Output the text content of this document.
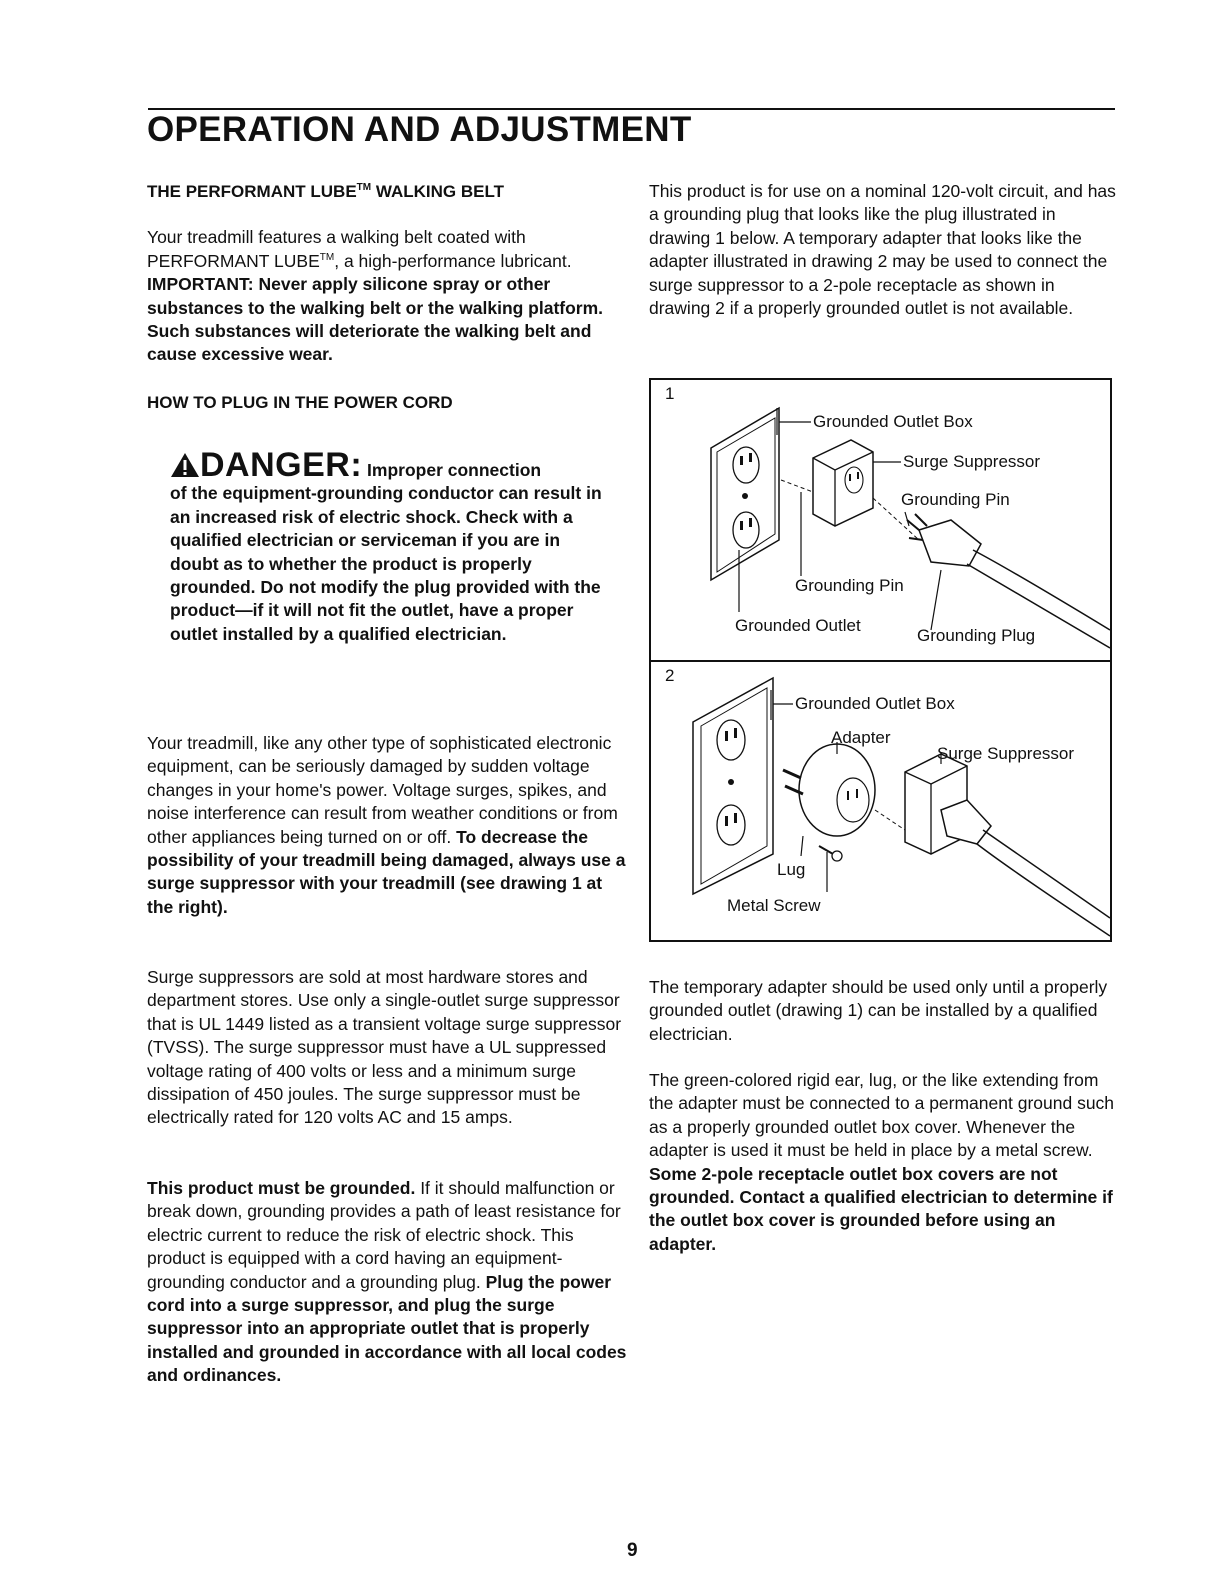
OPERATION AND ADJUSTMENT

THE PERFORMANT LUBE™ WALKING BELT

Your treadmill features a walking belt coated with PERFORMANT LUBE™, a high-performance lubricant.

IMPORTANT: Never apply silicone spray or other substances to the walking belt or the walking platform. Such substances will deteriorate the walking belt and cause excessive wear.

HOW TO PLUG IN THE POWER CORD

DANGER: Improper connection

of the equipment-grounding conductor can result in an increased risk of electric shock. Check with a qualified electrician or serviceman if you are in doubt as to whether the product is properly grounded. Do not modify the plug provided with the product—if it will not fit the outlet, have a proper outlet installed by a qualified electrician.

Your treadmill, like any other type of sophisticated electronic equipment, can be seriously damaged by sudden voltage changes in your home's power. Voltage surges, spikes, and noise interference can result from weather conditions or from other appliances being turned on or off. To decrease the possibility of your treadmill being damaged, always use a surge suppressor with your treadmill (see drawing 1 at the right).

Surge suppressors are sold at most hardware stores and department stores. Use only a single-outlet surge suppressor that is UL 1449 listed as a transient voltage surge suppressor (TVSS). The surge suppressor must have a UL suppressed voltage rating of 400 volts or less and a minimum surge dissipation of 450 joules. The surge suppressor must be electrically rated for 120 volts AC and 15 amps.

This product must be grounded. If it should malfunction or break down, grounding provides a path of least resistance for electric current to reduce the risk of electric shock. This product is equipped with a cord having an equipment-grounding conductor and a grounding plug. Plug the power cord into a surge suppressor, and plug the surge suppressor into an appropriate outlet that is properly installed and grounded in accordance with all local codes and ordinances.

This product is for use on a nominal 120-volt circuit, and has a grounding plug that looks like the plug illustrated in drawing 1 below. A temporary adapter that looks like the adapter illustrated in drawing 2 may be used to connect the surge suppressor to a 2-pole receptacle as shown in drawing 2 if a properly grounded outlet is not available.

1
Grounded Outlet Box
Surge Suppressor
Grounding Pin
Grounding Pin
Grounded Outlet
Grounding Plug
2
Grounded Outlet Box
Adapter
Surge Suppressor
Lug
Metal Screw

The temporary adapter should be used only until a properly grounded outlet (drawing 1) can be installed by a qualified electrician.

The green-colored rigid ear, lug, or the like extending from the adapter must be connected to a permanent ground such as a properly grounded outlet box cover. Whenever the adapter is used it must be held in place by a metal screw. Some 2-pole receptacle outlet box covers are not grounded. Contact a qualified electrician to determine if the outlet box cover is grounded before using an adapter.

9
